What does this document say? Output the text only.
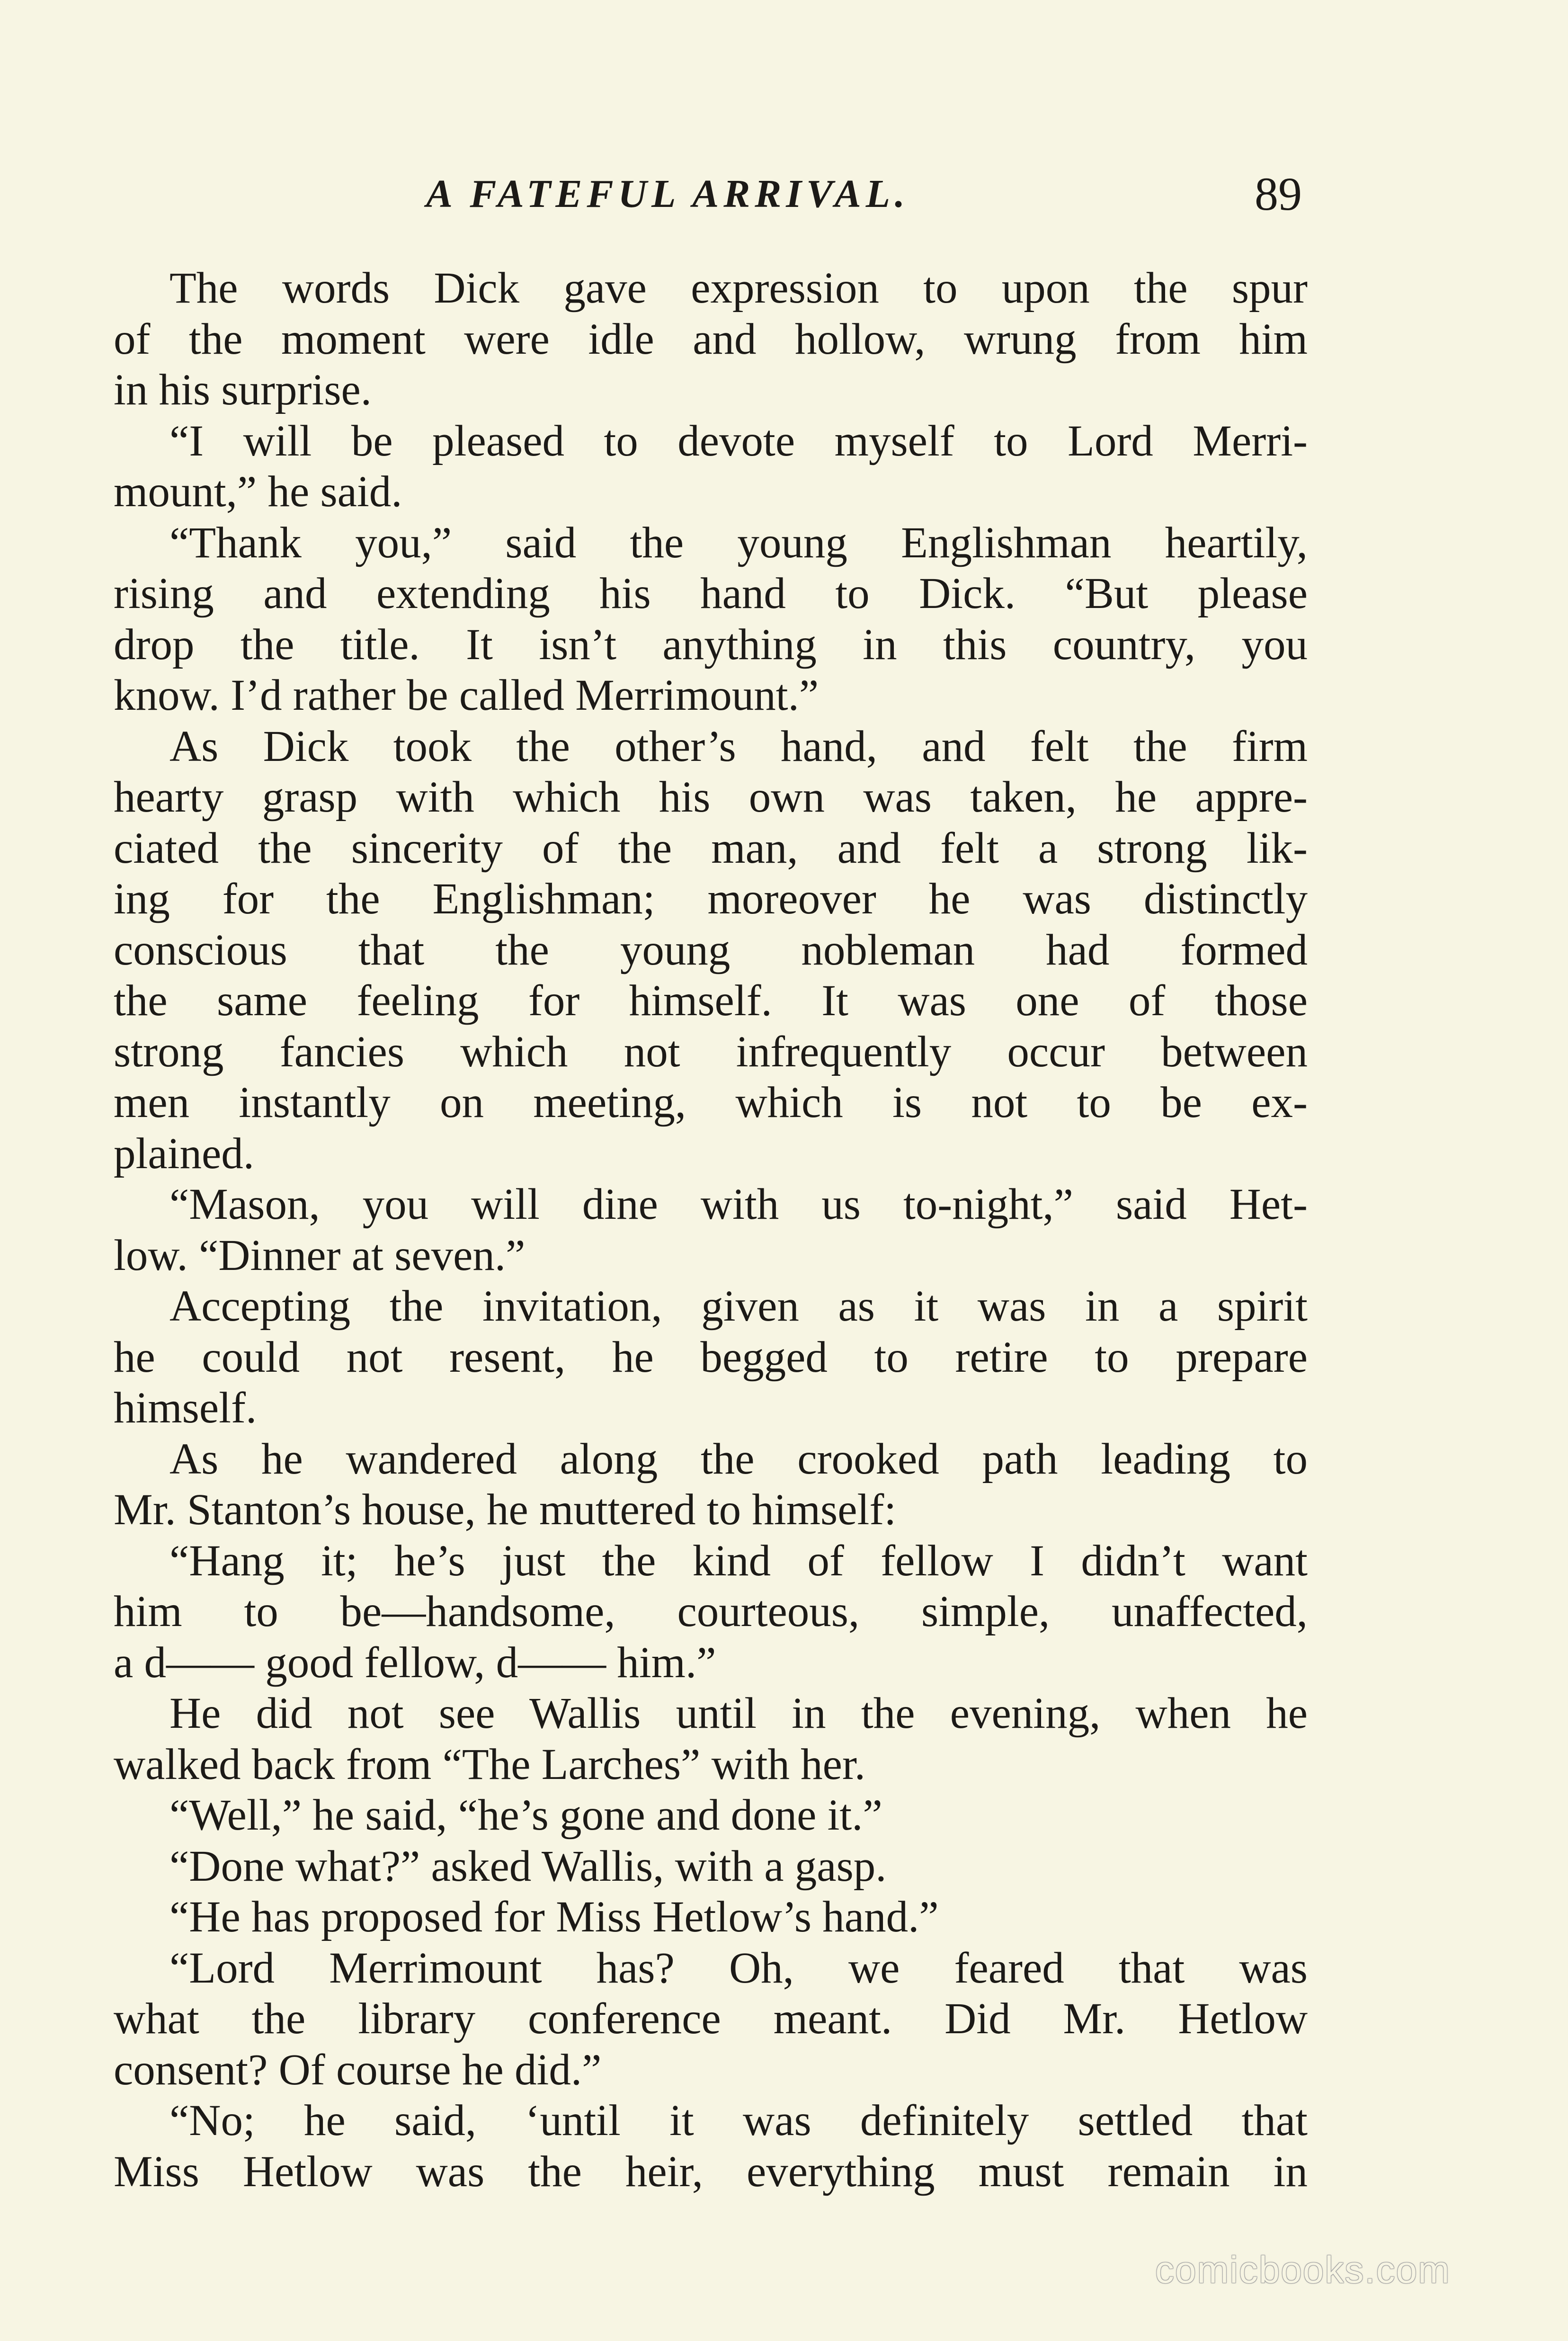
A FATEFUL ARRIVAL.	89
The words Dick gave expression to upon the spur
of the moment were idle and hollow, wrung from him
in his surprise.
“I will be pleased to devote myself to Lord Merri-
mount,” he said.
“Thank you,” said the young Englishman heartily,
rising and extending his hand to Dick. “But please
drop the title. It isn’t anything in this country, you
know. I’d rather be called Merrimount.”
As Dick took the other’s hand, and felt the firm
hearty grasp with which his own was taken, he appre-
ciated the sincerity of the man, and felt a strong lik-
ing for the Englishman; moreover he was distinctly
conscious that the young nobleman had formed
the same feeling for himself. It was one of those
strong fancies which not infrequently occur between
men instantly on meeting, which is not to be ex-
plained.
“Mason, you will dine with us to-night,” said Het-
low. “Dinner at seven.”
Accepting the invitation, given as it was in a spirit
he could not resent, he begged to retire to prepare
himself.
As he wandered along the crooked path leading to
Mr. Stanton’s house, he muttered to himself:
“Hang it; he’s just the kind of fellow I didn’t want
him to be—handsome, courteous, simple, unaffected,
a d—— good fellow, d—— him.”
He did not see Wallis until in the evening, when he
walked back from “The Larches” with her.
“Well,” he said, “he’s gone and done it.”
“Done what?” asked Wallis, with a gasp.
“He has proposed for Miss Hetlow’s hand.”
“Lord Merrimount has? Oh, we feared that was
what the library conference meant. Did Mr. Hetlow
consent? Of course he did.”
“No; he said, ‘until it was definitely settled that
Miss Hetlow was the heir, everything must remain in
comicbooks.com
